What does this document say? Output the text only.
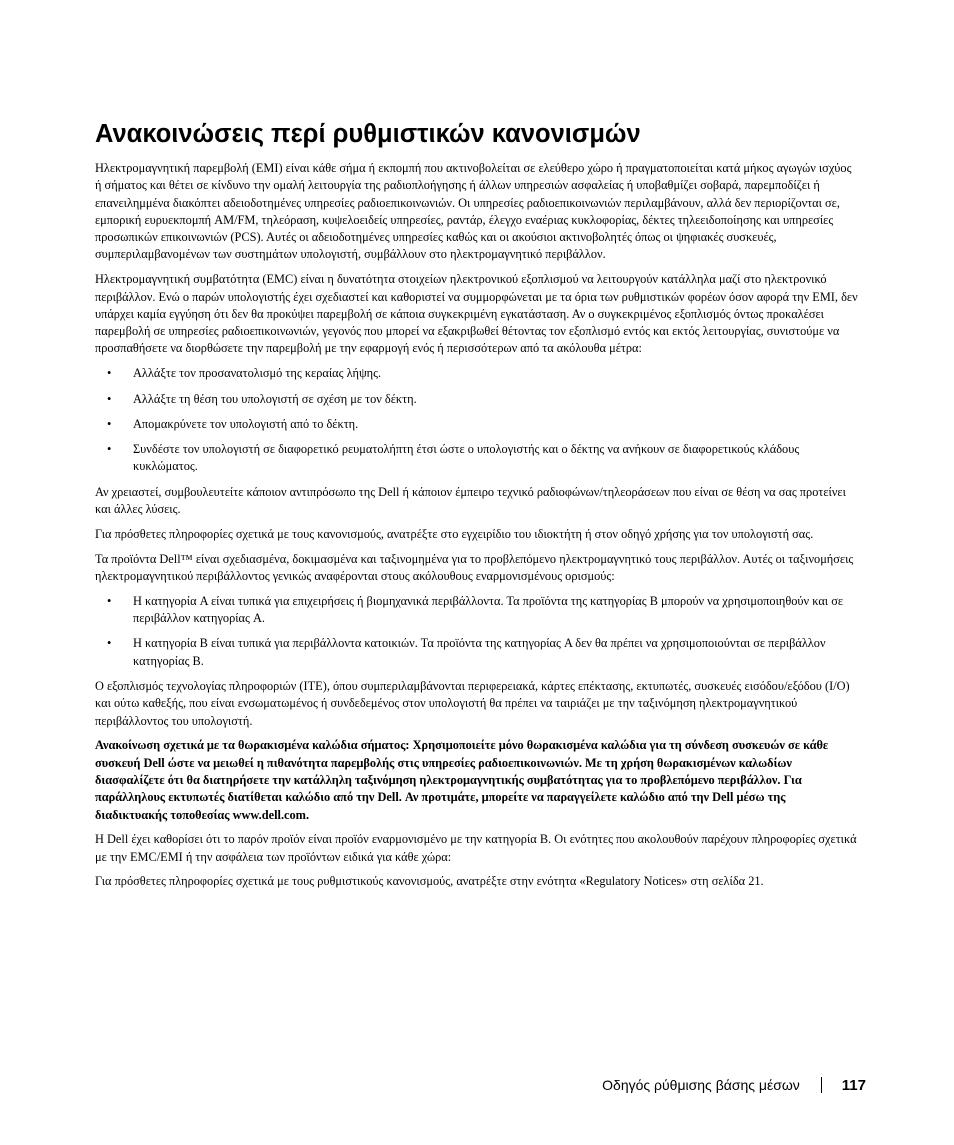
Ανακοινώσεις περί ρυθμιστικών κανονισμών

Ηλεκτρομαγνητική παρεμβολή (EMI) είναι κάθε σήμα ή εκπομπή που ακτινοβολείται σε ελεύθερο χώρο ή πραγματοποιείται κατά μήκος αγωγών ισχύος ή σήματος και θέτει σε κίνδυνο την ομαλή λειτουργία της ραδιοπλοήγησης ή άλλων υπηρεσιών ασφαλείας ή υποβαθμίζει σοβαρά, παρεμποδίζει ή επανειλημμένα διακόπτει αδειοδοτημένες υπηρεσίες ραδιοεπικοινωνιών. Οι υπηρεσίες ραδιοεπικοινωνιών περιλαμβάνουν, αλλά δεν περιορίζονται σε, εμπορική ευρυεκπομπή AM/FM, τηλεόραση, κυψελοειδείς υπηρεσίες, ραντάρ, έλεγχο εναέριας κυκλοφορίας, δέκτες τηλεειδοποίησης και υπηρεσίες προσωπικών επικοινωνιών (PCS). Αυτές οι αδειοδοτημένες υπηρεσίες καθώς και οι ακούσιοι ακτινοβολητές όπως οι ψηφιακές συσκευές, συμπεριλαμβανομένων των συστημάτων υπολογιστή, συμβάλλουν στο ηλεκτρομαγνητικό περιβάλλον.

Ηλεκτρομαγνητική συμβατότητα (EMC) είναι η δυνατότητα στοιχείων ηλεκτρονικού εξοπλισμού να λειτουργούν κατάλληλα μαζί στο ηλεκτρονικό περιβάλλον. Ενώ ο παρών υπολογιστής έχει σχεδιαστεί και καθοριστεί να συμμορφώνεται με τα όρια των ρυθμιστικών φορέων όσον αφορά την EMI, δεν υπάρχει καμία εγγύηση ότι δεν θα προκύψει παρεμβολή σε κάποια συγκεκριμένη εγκατάσταση. Αν ο συγκεκριμένος εξοπλισμός όντως προκαλέσει παρεμβολή σε υπηρεσίες ραδιοεπικοινωνιών, γεγονός που μπορεί να εξακριβωθεί θέτοντας τον εξοπλισμό εντός και εκτός λειτουργίας, συνιστούμε να προσπαθήσετε να διορθώσετε την παρεμβολή με την εφαρμογή ενός ή περισσότερων από τα ακόλουθα μέτρα:

• Αλλάξτε τον προσανατολισμό της κεραίας λήψης.
• Αλλάξτε τη θέση του υπολογιστή σε σχέση με τον δέκτη.
• Απομακρύνετε τον υπολογιστή από το δέκτη.
• Συνδέστε τον υπολογιστή σε διαφορετικό ρευματολήπτη έτσι ώστε ο υπολογιστής και ο δέκτης να ανήκουν σε διαφορετικούς κλάδους κυκλώματος.

Αν χρειαστεί, συμβουλευτείτε κάποιον αντιπρόσωπο της Dell ή κάποιον έμπειρο τεχνικό ραδιοφώνων/τηλεοράσεων που είναι σε θέση να σας προτείνει και άλλες λύσεις.

Για πρόσθετες πληροφορίες σχετικά με τους κανονισμούς, ανατρέξτε στο εγχειρίδιο του ιδιοκτήτη ή στον οδηγό χρήσης για τον υπολογιστή σας.

Τα προϊόντα Dell™ είναι σχεδιασμένα, δοκιμασμένα και ταξινομημένα για το προβλεπόμενο ηλεκτρομαγνητικό τους περιβάλλον. Αυτές οι ταξινομήσεις ηλεκτρομαγνητικού περιβάλλοντος γενικώς αναφέρονται στους ακόλουθους εναρμονισμένους ορισμούς:

• Η κατηγορία A είναι τυπικά για επιχειρήσεις ή βιομηχανικά περιβάλλοντα. Τα προϊόντα της κατηγορίας B μπορούν να χρησιμοποιηθούν και σε περιβάλλον κατηγορίας A.
• Η κατηγορία B είναι τυπικά για περιβάλλοντα κατοικιών. Τα προϊόντα της κατηγορίας A δεν θα πρέπει να χρησιμοποιούνται σε περιβάλλον κατηγορίας B.

Ο εξοπλισμός τεχνολογίας πληροφοριών (ITE), όπου συμπεριλαμβάνονται περιφερειακά, κάρτες επέκτασης, εκτυπωτές, συσκευές εισόδου/εξόδου (I/O) και ούτω καθεξής, που είναι ενσωματωμένος ή συνδεδεμένος στον υπολογιστή θα πρέπει να ταιριάζει με την ταξινόμηση ηλεκτρομαγνητικού περιβάλλοντος του υπολογιστή.

Ανακοίνωση σχετικά με τα θωρακισμένα καλώδια σήματος: Χρησιμοποιείτε μόνο θωρακισμένα καλώδια για τη σύνδεση συσκευών σε κάθε συσκευή Dell ώστε να μειωθεί η πιθανότητα παρεμβολής στις υπηρεσίες ραδιοεπικοινωνιών. Με τη χρήση θωρακισμένων καλωδίων διασφαλίζετε ότι θα διατηρήσετε την κατάλληλη ταξινόμηση ηλεκτρομαγνητικής συμβατότητας για το προβλεπόμενο περιβάλλον. Για παράλληλους εκτυπωτές διατίθεται καλώδιο από την Dell. Αν προτιμάτε, μπορείτε να παραγγείλετε καλώδιο από την Dell μέσω της διαδικτυακής τοποθεσίας www.dell.com.

Η Dell έχει καθορίσει ότι το παρόν προϊόν είναι προϊόν εναρμονισμένο με την κατηγορία B. Οι ενότητες που ακολουθούν παρέχουν πληροφορίες σχετικά με την EMC/EMI ή την ασφάλεια των προϊόντων ειδικά για κάθε χώρα:

Για πρόσθετες πληροφορίες σχετικά με τους ρυθμιστικούς κανονισμούς, ανατρέξτε στην ενότητα «Regulatory Notices» στη σελίδα 21.

Οδηγός ρύθμισης βάσης μέσων	117
